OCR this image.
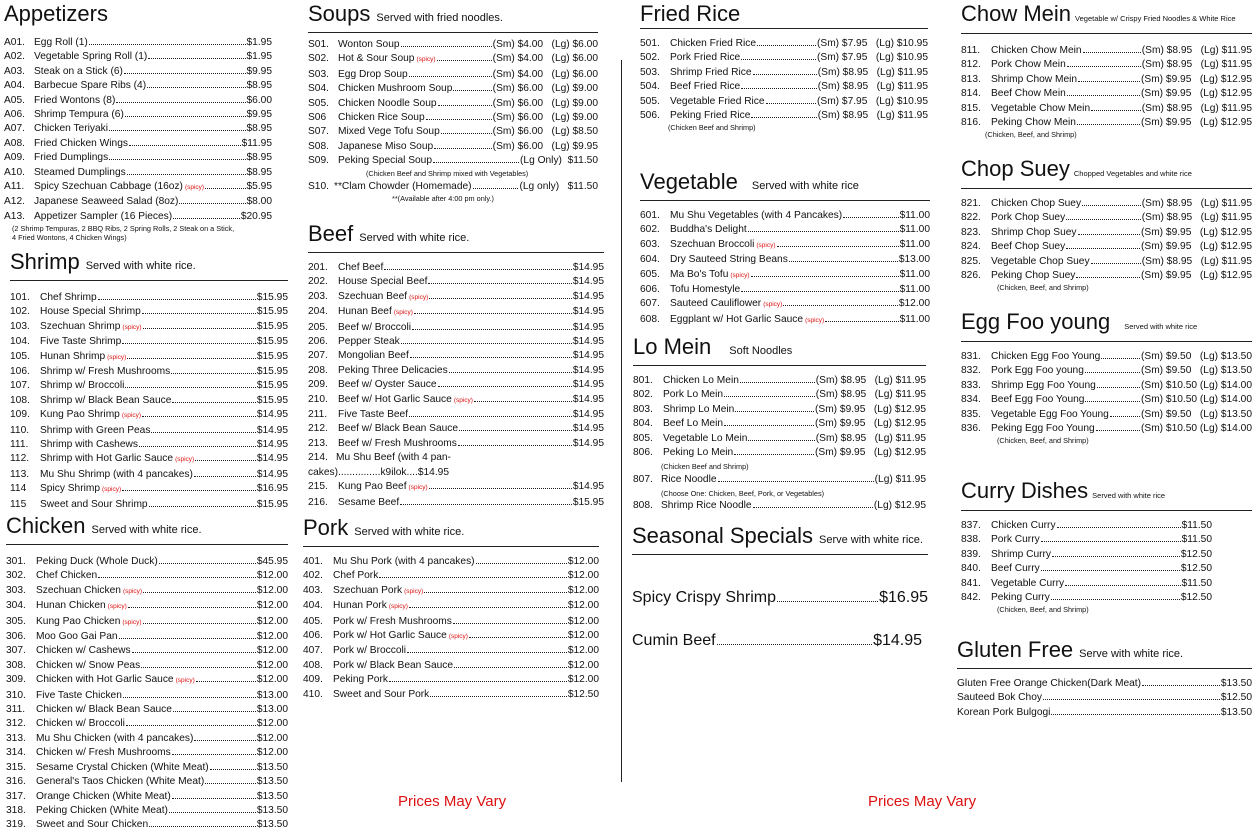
Appetizers
A01. Egg Roll (1)	$1.95
A02. Vegetable Spring Roll (1)	$1.95
A03. Steak on a Stick (6)	$9.95
A04. Barbecue Spare Ribs (4)	$8.95
A05. Fried Wontons (8)	$6.00
A06. Shrimp Tempura (6)	$9.95
A07. Chicken Teriyaki	$8.95
A08. Fried Chicken Wings	$11.95
A09. Fried Dumplings	$8.95
A10. Steamed Dumplings	$8.95
A11. Spicy Szechuan Cabbage (16oz) (spicy)	$5.95
A12. Japanese Seaweed Salad (8oz)	$8.00
A13. Appetizer Sampler (16 Pieces)	$20.95
(2 Shrimp Tempuras, 2 BBQ Ribs, 2 Spring Rolls, 2 Steak on a Stick,
4 Fried Wontons, 4 Chicken Wings)
Shrimp Served with white rice.
101. Chef Shrimp	$15.95
102. House Special Shrimp	$15.95
103. Szechuan Shrimp (spicy)	$15.95
104. Five Taste Shrimp	$15.95
105. Hunan Shrimp (spicy)	$15.95
106. Shrimp w/ Fresh Mushrooms	$15.95
107. Shrimp w/ Broccoli	$15.95
108. Shrimp w/ Black Bean Sauce	$15.95
109. Kung Pao Shrimp (spicy)	$14.95
110.	Shrimp with Green Peas	$14.95
111.	Shrimp with Cashews	$14.95
112.	Shrimp with Hot Garlic Sauce (spicy)	$14.95
113.	Mu Shu Shrimp (with 4 pancakes)	$14.95
114	Spicy Shrimp (spicy)	$16.95
115	Sweet and Sour Shrimp	$15.95
Chicken Served with white rice.
301. Peking Duck (Whole Duck)	$45.95
302. Chef Chicken	$12.00
303. Szechuan Chicken (spicy)	$12.00
304. Hunan Chicken (spicy)	$12.00
305. Kung Pao Chicken (spicy)	$12.00
306. Moo Goo Gai Pan	$12.00
307. Chicken w/ Cashews	$12.00
308. Chicken w/ Snow Peas	$12.00
309. Chicken with Hot Garlic Sauce (spicy)	$12.00
310. Five Taste Chicken	$13.00
311.	Chicken w/ Black Bean Sauce	$13.00
312. Chicken w/ Broccoli	$12.00
313. Mu Shu Chicken (with 4 pancakes)	$12.00
314. Chicken w/ Fresh Mushrooms	$12.00
315. Sesame Crystal Chicken (White Meat)	$13.50
316. General's Taos Chicken (White Meat)	$13.50
317. Orange Chicken (White Meat)	$13.50
318. Peking Chicken (White Meat)	$13.50
319. Sweet and Sour Chicken	$13.50
Soups Served with fried noodles.
S01. Wonton Soup	(Sm) $4.00   (Lg) $6.00
S02. Hot & Sour Soup (spicy)	(Sm) $4.00   (Lg) $6.00
S03. Egg Drop Soup	(Sm) $4.00   (Lg) $6.00
S04. Chicken Mushroom Soup	(Sm) $6.00   (Lg) $9.00
S05. Chicken Noodle Soup	(Sm) $6.00   (Lg) $9.00
S06	Chicken Rice Soup	(Sm) $6.00   (Lg) $9.00
S07. Mixed Vege Tofu Soup	(Sm) $6.00   (Lg) $8.50
S08. Japanese Miso Soup	(Sm) $6.00   (Lg) $9.95
S09. Peking Special Soup	(Lg Only)  $11.50
(Chicken Beef and Shrimp mixed with Vegetables)
S10. **Clam Chowder (Homemade)	(Lg only)   $11.50
**(Available after 4:00 pm only.)
Beef Served with white rice.
201. Chef Beef	$14.95
202. House Special Beef	$14.95
203. Szechuan Beef (spicy)	$14.95
204. Hunan Beef (spicy)	$14.95
205. Beef w/ Broccoli	$14.95
206. Pepper Steak	$14.95
207. Mongolian Beef	$14.95
208. Peking Three Delicacies	$14.95
209. Beef w/ Oyster Sauce	$14.95
210. Beef w/ Hot Garlic Sauce (spicy)	$14.95
211.	Five Taste Beef	$14.95
212. Beef w/ Black Bean Sauce	$14.95
213. Beef w/ Fresh Mushrooms	$14.95
214. Mu Shu Beef (with 4 pan-
cakes)...............k9ilok....$14.95
215. Kung Pao Beef (spicy)	$14.95
216. Sesame Beef	$15.95
Pork Served with white rice.
401. Mu Shu Pork (with 4 pancakes)	$12.00
402. Chef Pork	$12.00
403. Szechuan Pork (spicy)	$12.00
404. Hunan Pork (spicy)	$12.00
405. Pork w/ Fresh Mushrooms	$12.00
406. Pork w/ Hot Garlic Sauce (spicy)	$12.00
407. Pork w/ Broccoli	$12.00
408. Pork w/ Black Bean Sauce	$12.00
409. Peking Pork	$12.00
410. Sweet and Sour Pork	$12.50
Fried Rice
501. Chicken Fried Rice	(Sm) $7.95   (Lg) $10.95
502. Pork Fried Rice	(Sm) $7.95   (Lg) $10.95
503. Shrimp Fried Rice	(Sm) $8.95   (Lg) $11.95
504. Beef Fried Rice	(Sm) $8.95   (Lg) $11.95
505. Vegetable Fried Rice	(Sm) $7.95   (Lg) $10.95
506. Peking Fried Rice	(Sm) $8.95   (Lg) $11.95
(Chicken Beef and Shrimp)
Vegetable Served with white rice
601. Mu Shu Vegetables (with 4 Pancakes)	$11.00
602. Buddha's Delight	$11.00
603. Szechuan Broccoli (spicy)	$11.00
604. Dry Sauteed String Beans	$13.00
605. Ma Bo's Tofu (spicy)	$11.00
606. Tofu Homestyle	$11.00
607. Sauteed Cauliflower (spicy)	$12.00
608. Eggplant w/ Hot Garlic Sauce (spicy)	$11.00
Lo Mein Soft Noodles
801. Chicken Lo Mein	(Sm) $8.95   (Lg) $11.95
802. Pork Lo Mein	(Sm) $8.95   (Lg) $11.95
803. Shrimp Lo Mein	(Sm) $9.95   (Lg) $12.95
804. Beef Lo Mein	(Sm) $9.95   (Lg) $12.95
805. Vegetable Lo Mein	(Sm) $8.95   (Lg) $11.95
806. Peking Lo Mein	(Sm) $9.95   (Lg) $12.95
(Chicken Beef and Shrimp)
807. Rice Noodle	(Lg) $11.95
(Choose One: Chicken, Beef, Pork, or Vegetables)
808. Shrimp Rice Noodle	(Lg) $12.95
Seasonal Specials Serve with white rice.
Spicy Crispy Shrimp	$16.95
Cumin Beef	$14.95
Chow Mein Vegetable w/ Crispy Fried Noodles & White Rice
811.	Chicken Chow Mein	(Sm) $8.95   (Lg) $11.95
812. Pork Chow Mein	(Sm) $8.95   (Lg) $11.95
813. Shrimp Chow Mein	(Sm) $9.95   (Lg) $12.95
814. Beef Chow Mein	(Sm) $9.95   (Lg) $12.95
815. Vegetable Chow Mein	(Sm) $8.95   (Lg) $11.95
816. Peking Chow Mein	(Sm) $9.95   (Lg) $12.95
(Chicken, Beef, and Shrimp)
Chop Suey Chopped Vegetables and white rice
821. Chicken Chop Suey	(Sm) $8.95   (Lg) $11.95
822. Pork Chop Suey	(Sm) $8.95   (Lg) $11.95
823. Shrimp Chop Suey	(Sm) $9.95   (Lg) $12.95
824. Beef Chop Suey	(Sm) $9.95   (Lg) $12.95
825. Vegetable Chop Suey	(Sm) $8.95   (Lg) $11.95
826. Peking Chop Suey	(Sm) $9.95   (Lg) $12.95
(Chicken, Beef, and Shrimp)
Egg Foo young Served with white rice
831. Chicken Egg Foo Young	(Sm) $9.50   (Lg) $13.50
832. Pork Egg Foo young	(Sm) $9.50   (Lg) $13.50
833. Shrimp Egg Foo Young	(Sm) $10.50 (Lg) $14.00
834. Beef Egg Foo Young	(Sm) $10.50 (Lg) $14.00
835. Vegetable Egg Foo Young	(Sm) $9.50   (Lg) $13.50
836. Peking Egg Foo Young	(Sm) $10.50 (Lg) $14.00
(Chicken, Beef, and Shrimp)
Curry Dishes Served with white rice
837. Chicken Curry	$11.50
838. Pork Curry	$11.50
839. Shrimp Curry	$12.50
840. Beef Curry	$12.50
841. Vegetable Curry	$11.50
842. Peking Curry	$12.50
(Chicken, Beef, and Shrimp)
Gluten Free Serve with white rice.
Gluten Free Orange Chicken(Dark Meat)	$13.50
Sauteed Bok Choy	$12.50
Korean Pork Bulgogi	$13.50
Prices May Vary	Prices May Vary
